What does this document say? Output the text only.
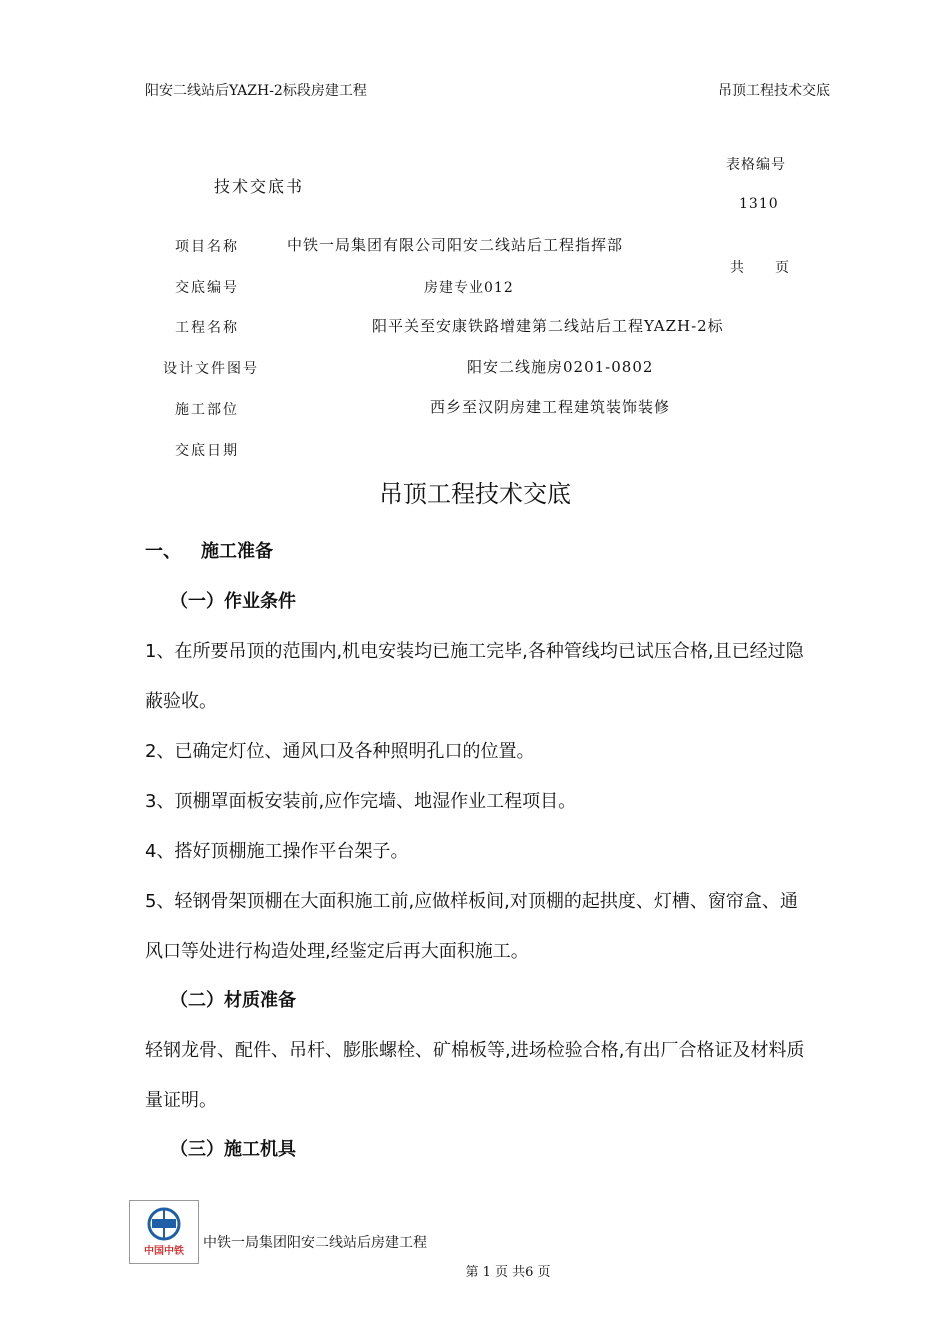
阳安二线站后YAZH-2标段房建工程	吊顶工程技术交底
技术交底书
表格编号
1310
共　　页
项目名称	中铁一局集团有限公司阳安二线站后工程指挥部
交底编号	房建专业012
工程名称	阳平关至安康铁路增建第二线站后工程YAZH-2标
设计文件图号	阳安二线施房0201-0802
施工部位	西乡至汉阴房建工程建筑装饰装修
交底日期
吊顶工程技术交底
一、 施工准备
（一）作业条件
1、在所要吊顶的范围内,机电安装均已施工完毕,各种管线均已试压合格,且已经过隐
蔽验收。
2、已确定灯位、通风口及各种照明孔口的位置。
3、顶棚罩面板安装前,应作完墙、地湿作业工程项目。
4、搭好顶棚施工操作平台架子。
5、轻钢骨架顶棚在大面积施工前,应做样板间,对顶棚的起拱度、灯槽、窗帘盒、通
风口等处进行构造处理,经鉴定后再大面积施工。
（二）材质准备
轻钢龙骨、配件、吊杆、膨胀螺栓、矿棉板等,进场检验合格,有出厂合格证及材料质
量证明。
（三）施工机具
中国中铁
中铁一局集团阳安二线站后房建工程
第 1 页 共6 页
